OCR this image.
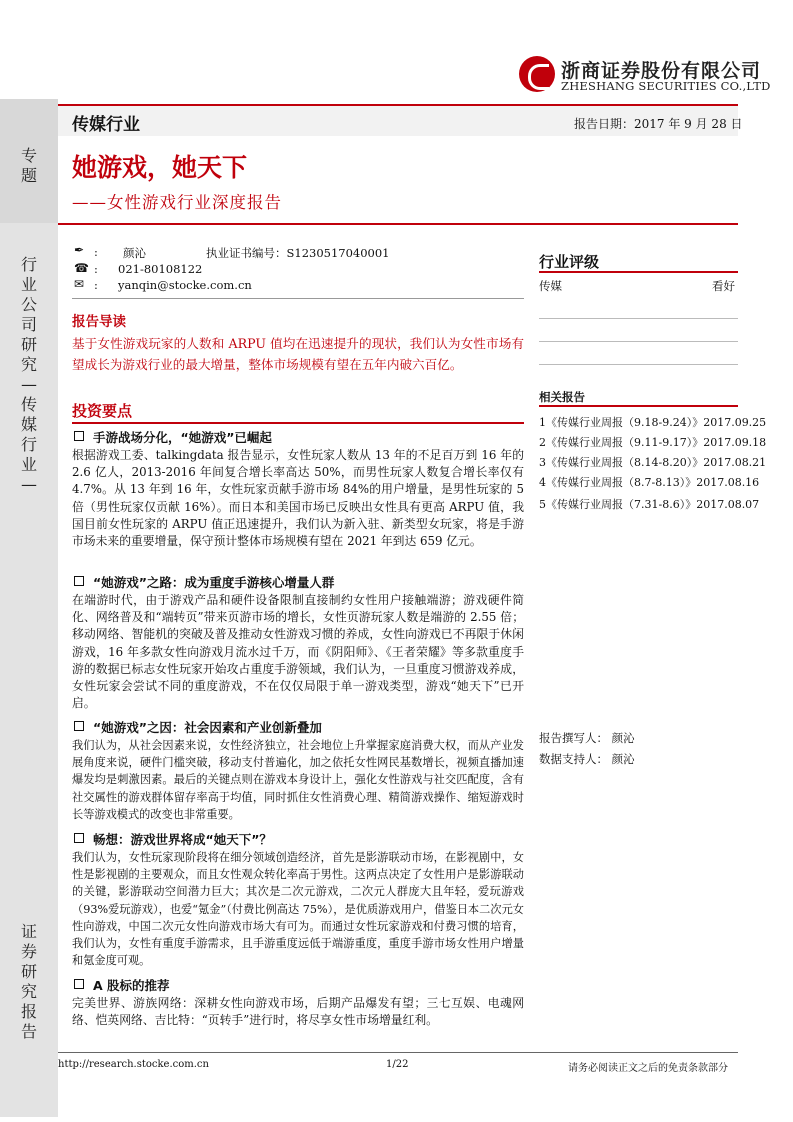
浙商证券股份有限公司
ZHESHANG SECURITIES CO.,LTD
专
题
行
业
公
司
研
究
—
传
媒
行
业
—
证
券
研
究
报
告
传媒行业	报告日期：2017 年 9 月 28 日
她游戏，她天下
——女性游戏行业深度报告
✒ : 颜沁	执业证书编号：S1230517040001
☎ : 021-80108122
✉ : yanqin@stocke.com.cn
报告导读
基于女性游戏玩家的人数和 ARPU 值均在迅速提升的现状，我们认为女性市场有望成长为游戏行业的最大增量，整体市场规模有望在五年内破六百亿。
投资要点
手游战场分化，“她游戏”已崛起
根据游戏工委、talkingdata 报告显示，女性玩家人数从 13 年的不足百万到 16 年的 2.6 亿人，2013-2016 年间复合增长率高达 50%，而男性玩家人数复合增长率仅有 4.7%。从 13 年到 16 年，女性玩家贡献手游市场 84%的用户增量，是男性玩家的 5 倍（男性玩家仅贡献 16%）。而日本和美国市场已反映出女性具有更高 ARPU 值，我国目前女性玩家的 ARPU 值正迅速提升，我们认为新入驻、新类型女玩家，将是手游市场未来的重要增量，保守预计整体市场规模有望在 2021 年到达 659 亿元。
“她游戏”之路：成为重度手游核心增量人群
在端游时代，由于游戏产品和硬件设备限制直接制约女性用户接触端游；游戏硬件简化、网络普及和“端转页”带来页游市场的增长，女性页游玩家人数是端游的 2.55 倍；移动网络、智能机的突破及普及推动女性游戏习惯的养成，女性向游戏已不再限于休闲游戏，16 年多款女性向游戏月流水过千万，而《阴阳师》、《王者荣耀》等多款重度手游的数据已标志女性玩家开始攻占重度手游领域，我们认为，一旦重度习惯游戏养成，女性玩家会尝试不同的重度游戏，不在仅仅局限于单一游戏类型，游戏“她天下”已开启。
“她游戏”之因：社会因素和产业创新叠加
我们认为，从社会因素来说，女性经济独立，社会地位上升掌握家庭消费大权，而从产业发展角度来说，硬件门槛突破，移动支付普遍化，加之依托女性网民基数增长，视频直播加速爆发均是刺激因素。最后的关键点则在游戏本身设计上，强化女性游戏与社交匹配度，含有社交属性的游戏群体留存率高于均值，同时抓住女性消费心理、精简游戏操作、缩短游戏时长等游戏模式的改变也非常重要。
畅想：游戏世界将成“她天下”？
我们认为，女性玩家现阶段将在细分领域创造经济，首先是影游联动市场，在影视剧中，女性是影视剧的主要观众，而且女性观众转化率高于男性。这两点决定了女性用户是影游联动的关键，影游联动空间潜力巨大；其次是二次元游戏，二次元人群庞大且年轻，爱玩游戏（93%爱玩游戏），也爱“氪金”（付费比例高达 75%），是优质游戏用户，借鉴日本二次元女性向游戏，中国二次元女性向游戏市场大有可为。而通过女性玩家游戏和付费习惯的培育，我们认为，女性有重度手游需求，且手游重度远低于端游重度，重度手游市场女性用户增量和氪金度可观。
A 股标的推荐
完美世界、游族网络：深耕女性向游戏市场，后期产品爆发有望；三七互娱、电魂网络、恺英网络、吉比特：“页转手”进行时，将尽享女性市场增量红利。
行业评级
传媒	看好
相关报告
1《传媒行业周报（9.18-9.24）》2017.09.25
2《传媒行业周报（9.11-9.17）》2017.09.18
3《传媒行业周报（8.14-8.20）》2017.08.21
4《传媒行业周报（8.7-8.13）》2017.08.16
5《传媒行业周报（7.31-8.6）》2017.08.07
报告撰写人： 颜沁
数据支持人： 颜沁
http://research.stocke.com.cn	1/22	请务必阅读正文之后的免责条款部分
